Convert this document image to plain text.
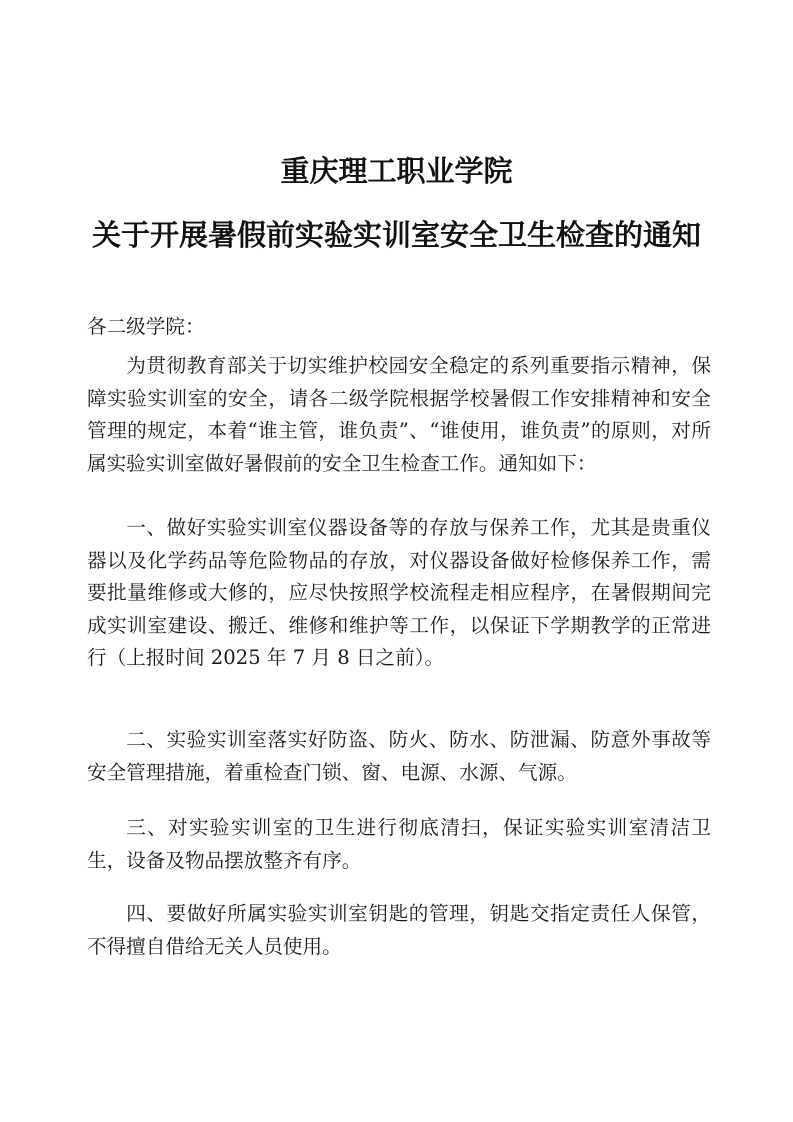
重庆理工职业学院
关于开展暑假前实验实训室安全卫生检查的通知
各二级学院：

为贯彻教育部关于切实维护校园安全稳定的系列重要指示精神，保障实验实训室的安全，请各二级学院根据学校暑假工作安排精神和安全管理的规定，本着“谁主管，谁负责”、“谁使用，谁负责”的原则，对所属实验实训室做好暑假前的安全卫生检查工作。通知如下：

一、做好实验实训室仪器设备等的存放与保养工作，尤其是贵重仪器以及化学药品等危险物品的存放，对仪器设备做好检修保养工作，需要批量维修或大修的，应尽快按照学校流程走相应程序，在暑假期间完成实训室建设、搬迁、维修和维护等工作，以保证下学期教学的正常进行（上报时间 2025 年 7 月 8 日之前）。

二、实验实训室落实好防盗、防火、防水、防泄漏、防意外事故等安全管理措施，着重检查门锁、窗、电源、水源、气源。

三、对实验实训室的卫生进行彻底清扫，保证实验实训室清洁卫生，设备及物品摆放整齐有序。

四、要做好所属实验实训室钥匙的管理，钥匙交指定责任人保管，不得擅自借给无关人员使用。
